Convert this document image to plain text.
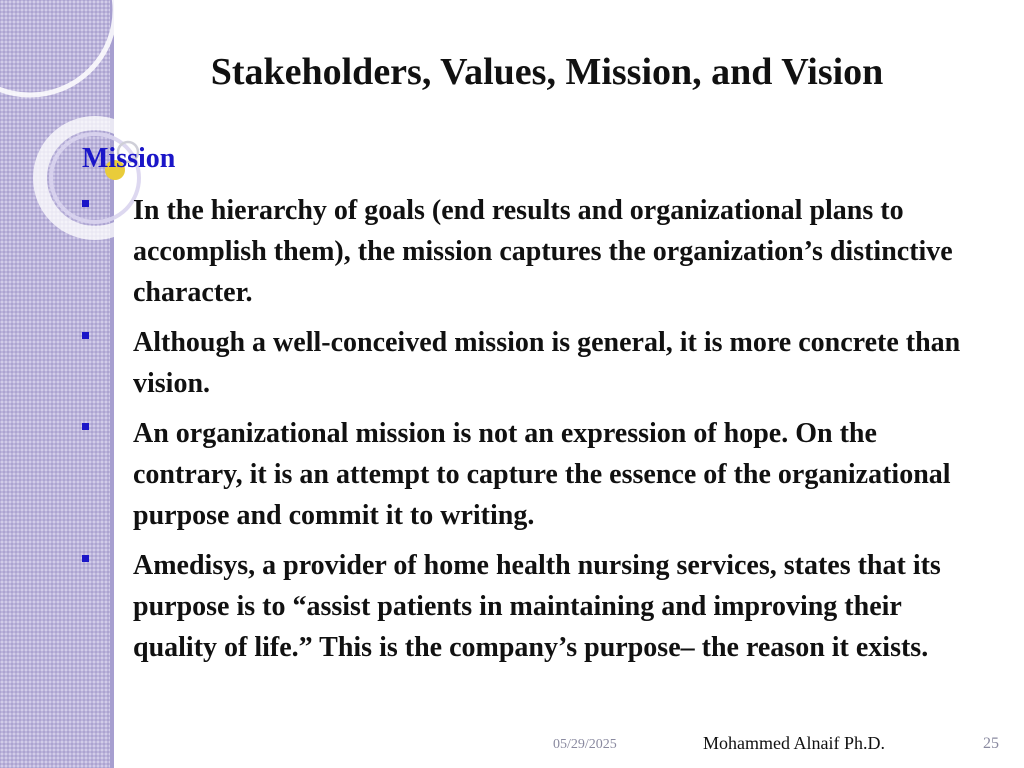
Stakeholders, Values, Mission, and Vision
Mission
In the hierarchy of goals (end results and organizational plans to accomplish them), the mission captures the organization’s distinctive character.
Although a well-conceived mission is general, it is more concrete than vision.
An organizational mission is not an expression of hope. On the contrary, it is an attempt to capture the essence of the organizational purpose and commit it to writing.
Amedisys, a provider of home health nursing services, states that its purpose is to “assist patients in maintaining and improving their quality of life.” This is the company’s purpose– the reason it exists.
05/29/2025	Mohammed Alnaif Ph.D.	25
